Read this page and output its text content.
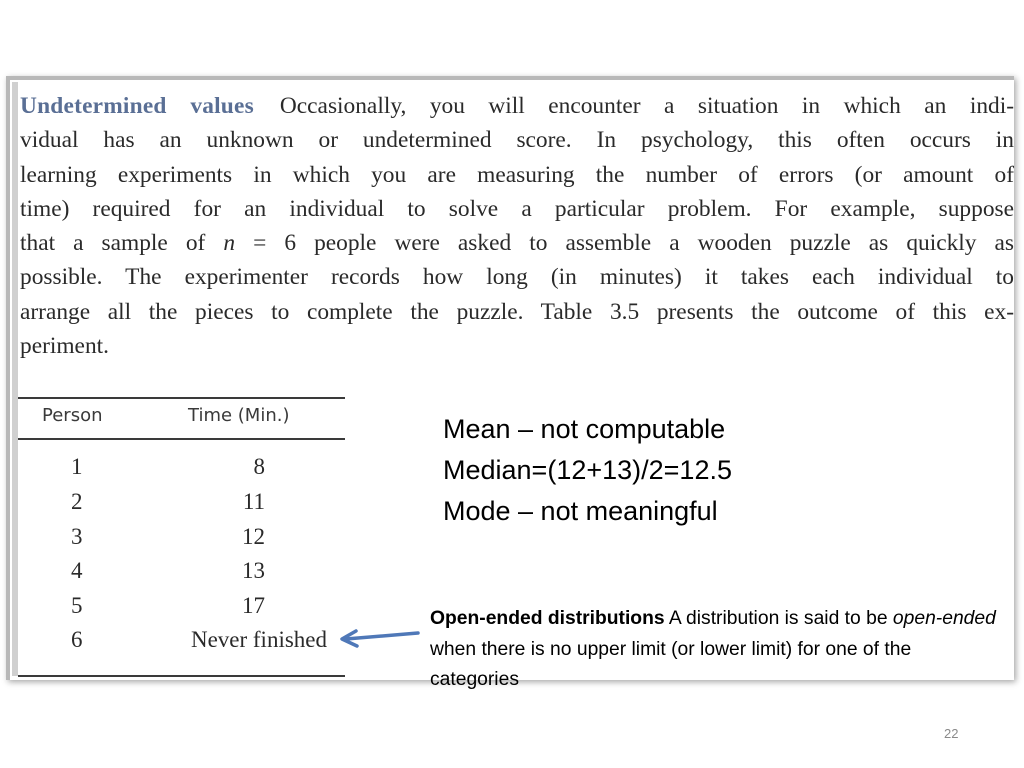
Undetermined values Occasionally, you will encounter a situation in which an indi-
vidual has an unknown or undetermined score. In psychology, this often occurs in
learning experiments in which you are measuring the number of errors (or amount of
time) required for an individual to solve a particular problem. For example, suppose
that a sample of n = 6 people were asked to assemble a wooden puzzle as quickly as
possible. The experimenter records how long (in minutes) it takes each individual to
arrange all the pieces to complete the puzzle. Table 3.5 presents the outcome of this ex-
periment.
Person	Time (Min.)
1	8
2	11
3	12
4	13
5	17
6	Never finished
Mean – not computable
Median=(12+13)/2=12.5
Mode – not meaningful
Open-ended distributions A distribution is said to be open-ended when there is no upper limit (or lower limit) for one of the categories
22
